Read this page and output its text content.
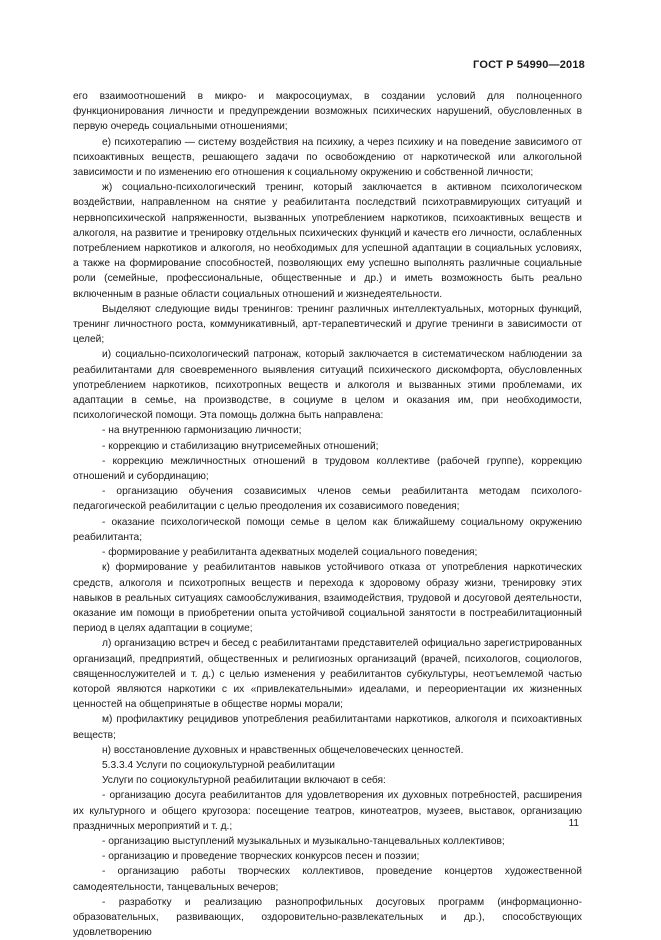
ГОСТ Р 54990—2018

его взаимоотношений в микро- и макросоциумах, в создании условий для полноценного функционирования личности и предупреждении возможных психических нарушений, обусловленных в первую очередь социальными отношениями;

е) психотерапию — систему воздействия на психику, а через психику и на поведение зависимого от психоактивных веществ, решающего задачи по освобождению от наркотической или алкогольной зависимости и по изменению его отношения к социальному окружению и собственной личности;

ж) социально-психологический тренинг, который заключается в активном психологическом воздействии, направленном на снятие у реабилитанта последствий психотравмирующих ситуаций и нервнопсихической напряженности, вызванных употреблением наркотиков, психоактивных веществ и алкоголя, на развитие и тренировку отдельных психических функций и качеств его личности, ослабленных потреблением наркотиков и алкоголя, но необходимых для успешной адаптации в социальных условиях, а также на формирование способностей, позволяющих ему успешно выполнять различные социальные роли (семейные, профессиональные, общественные и др.) и иметь возможность быть реально включенным в разные области социальных отношений и жизнедеятельности.

Выделяют следующие виды тренингов: тренинг различных интеллектуальных, моторных функций, тренинг личностного роста, коммуникативный, арт-терапевтический и другие тренинги в зависимости от целей;

и) социально-психологический патронаж, который заключается в систематическом наблюдении за реабилитантами для своевременного выявления ситуаций психического дискомфорта, обусловленных употреблением наркотиков, психотропных веществ и алкоголя и вызванных этими проблемами, их адаптации в семье, на производстве, в социуме в целом и оказания им, при необходимости, психологической помощи. Эта помощь должна быть направлена:

- на внутреннюю гармонизацию личности;

- коррекцию и стабилизацию внутрисемейных отношений;

- коррекцию межличностных отношений в трудовом коллективе (рабочей группе), коррекцию отношений и субординацию;

- организацию обучения созависимых членов семьи реабилитанта методам психолого-педагогической реабилитации с целью преодоления их созависимого поведения;

- оказание психологической помощи семье в целом как ближайшему социальному окружению реабилитанта;

- формирование у реабилитанта адекватных моделей социального поведения;

к) формирование у реабилитантов навыков устойчивого отказа от употребления наркотических средств, алкоголя и психотропных веществ и перехода к здоровому образу жизни, тренировку этих навыков в реальных ситуациях самообслуживания, взаимодействия, трудовой и досуговой деятельности, оказание им помощи в приобретении опыта устойчивой социальной занятости в постреабилитационный период в целях адаптации в социуме;

л) организацию встреч и бесед с реабилитантами представителей официально зарегистрированных организаций, предприятий, общественных и религиозных организаций (врачей, психологов, социологов, священнослужителей и т. д.) с целью изменения у реабилитантов субкультуры, неотъемлемой частью которой являются наркотики с их «привлекательными» идеалами, и переориентации их жизненных ценностей на общепринятые в обществе нормы морали;

м) профилактику рецидивов употребления реабилитантами наркотиков, алкоголя и психоактивных веществ;

н) восстановление духовных и нравственных общечеловеческих ценностей.

5.3.3.4 Услуги по социокультурной реабилитации

Услуги по социокультурной реабилитации включают в себя:

- организацию досуга реабилитантов для удовлетворения их духовных потребностей, расширения их культурного и общего кругозора: посещение театров, кинотеатров, музеев, выставок, организацию праздничных мероприятий и т. д.;

- организацию выступлений музыкальных и музыкально-танцевальных коллективов;

- организацию и проведение творческих конкурсов песен и поэзии;

- организацию работы творческих коллективов, проведение концертов художественной самодеятельности, танцевальных вечеров;

- разработку и реализацию разнопрофильных досуговых программ (информационно-образовательных, развивающих, оздоровительно-развлекательных и др.), способствующих удовлетворению

11
